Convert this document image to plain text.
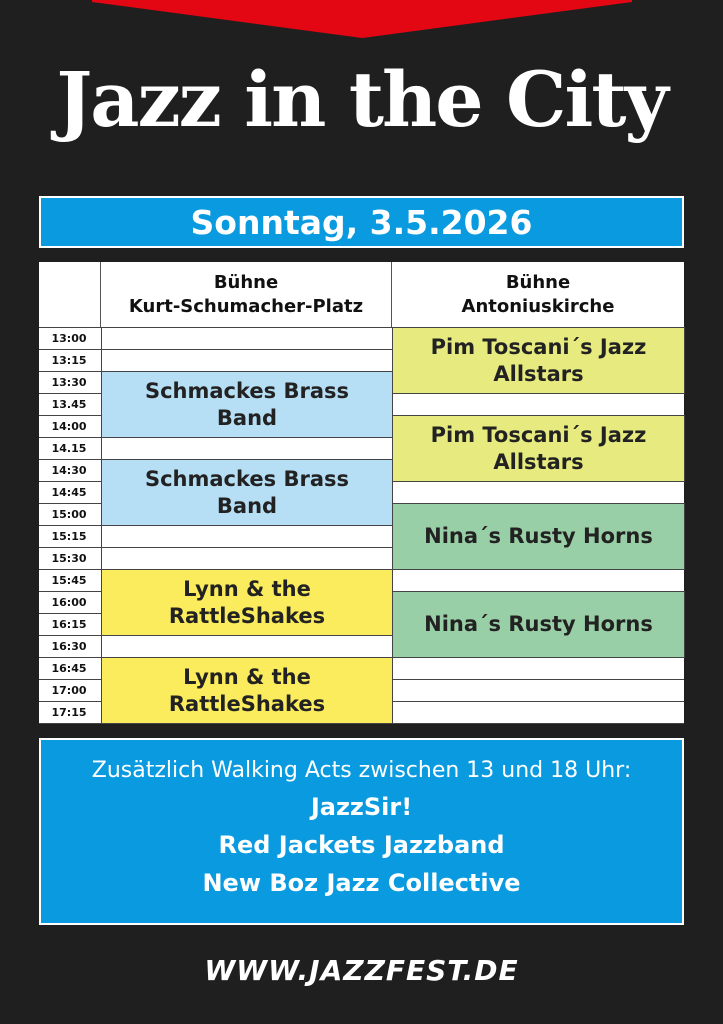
Jazz in the City
Sonntag, 3.5.2026
Bühne
Kurt-Schumacher-Platz
Bühne
Antoniuskirche
13:00
13:15
13:30
13.45
14:00
14.15
14:30
14:45
15:00
15:15
15:30
15:45
16:00
16:15
16:30
16:45
17:00
17:15
Schmackes Brass Band
Schmackes Brass Band
Lynn & the RattleShakes
Lynn & the RattleShakes
Pim Toscani´s Jazz Allstars
Pim Toscani´s Jazz Allstars
Nina´s Rusty Horns
Nina´s Rusty Horns
Zusätzlich Walking Acts zwischen 13 und 18 Uhr:
JazzSir!
Red Jackets Jazzband
New Boz Jazz Collective
WWW.JAZZFEST.DE
